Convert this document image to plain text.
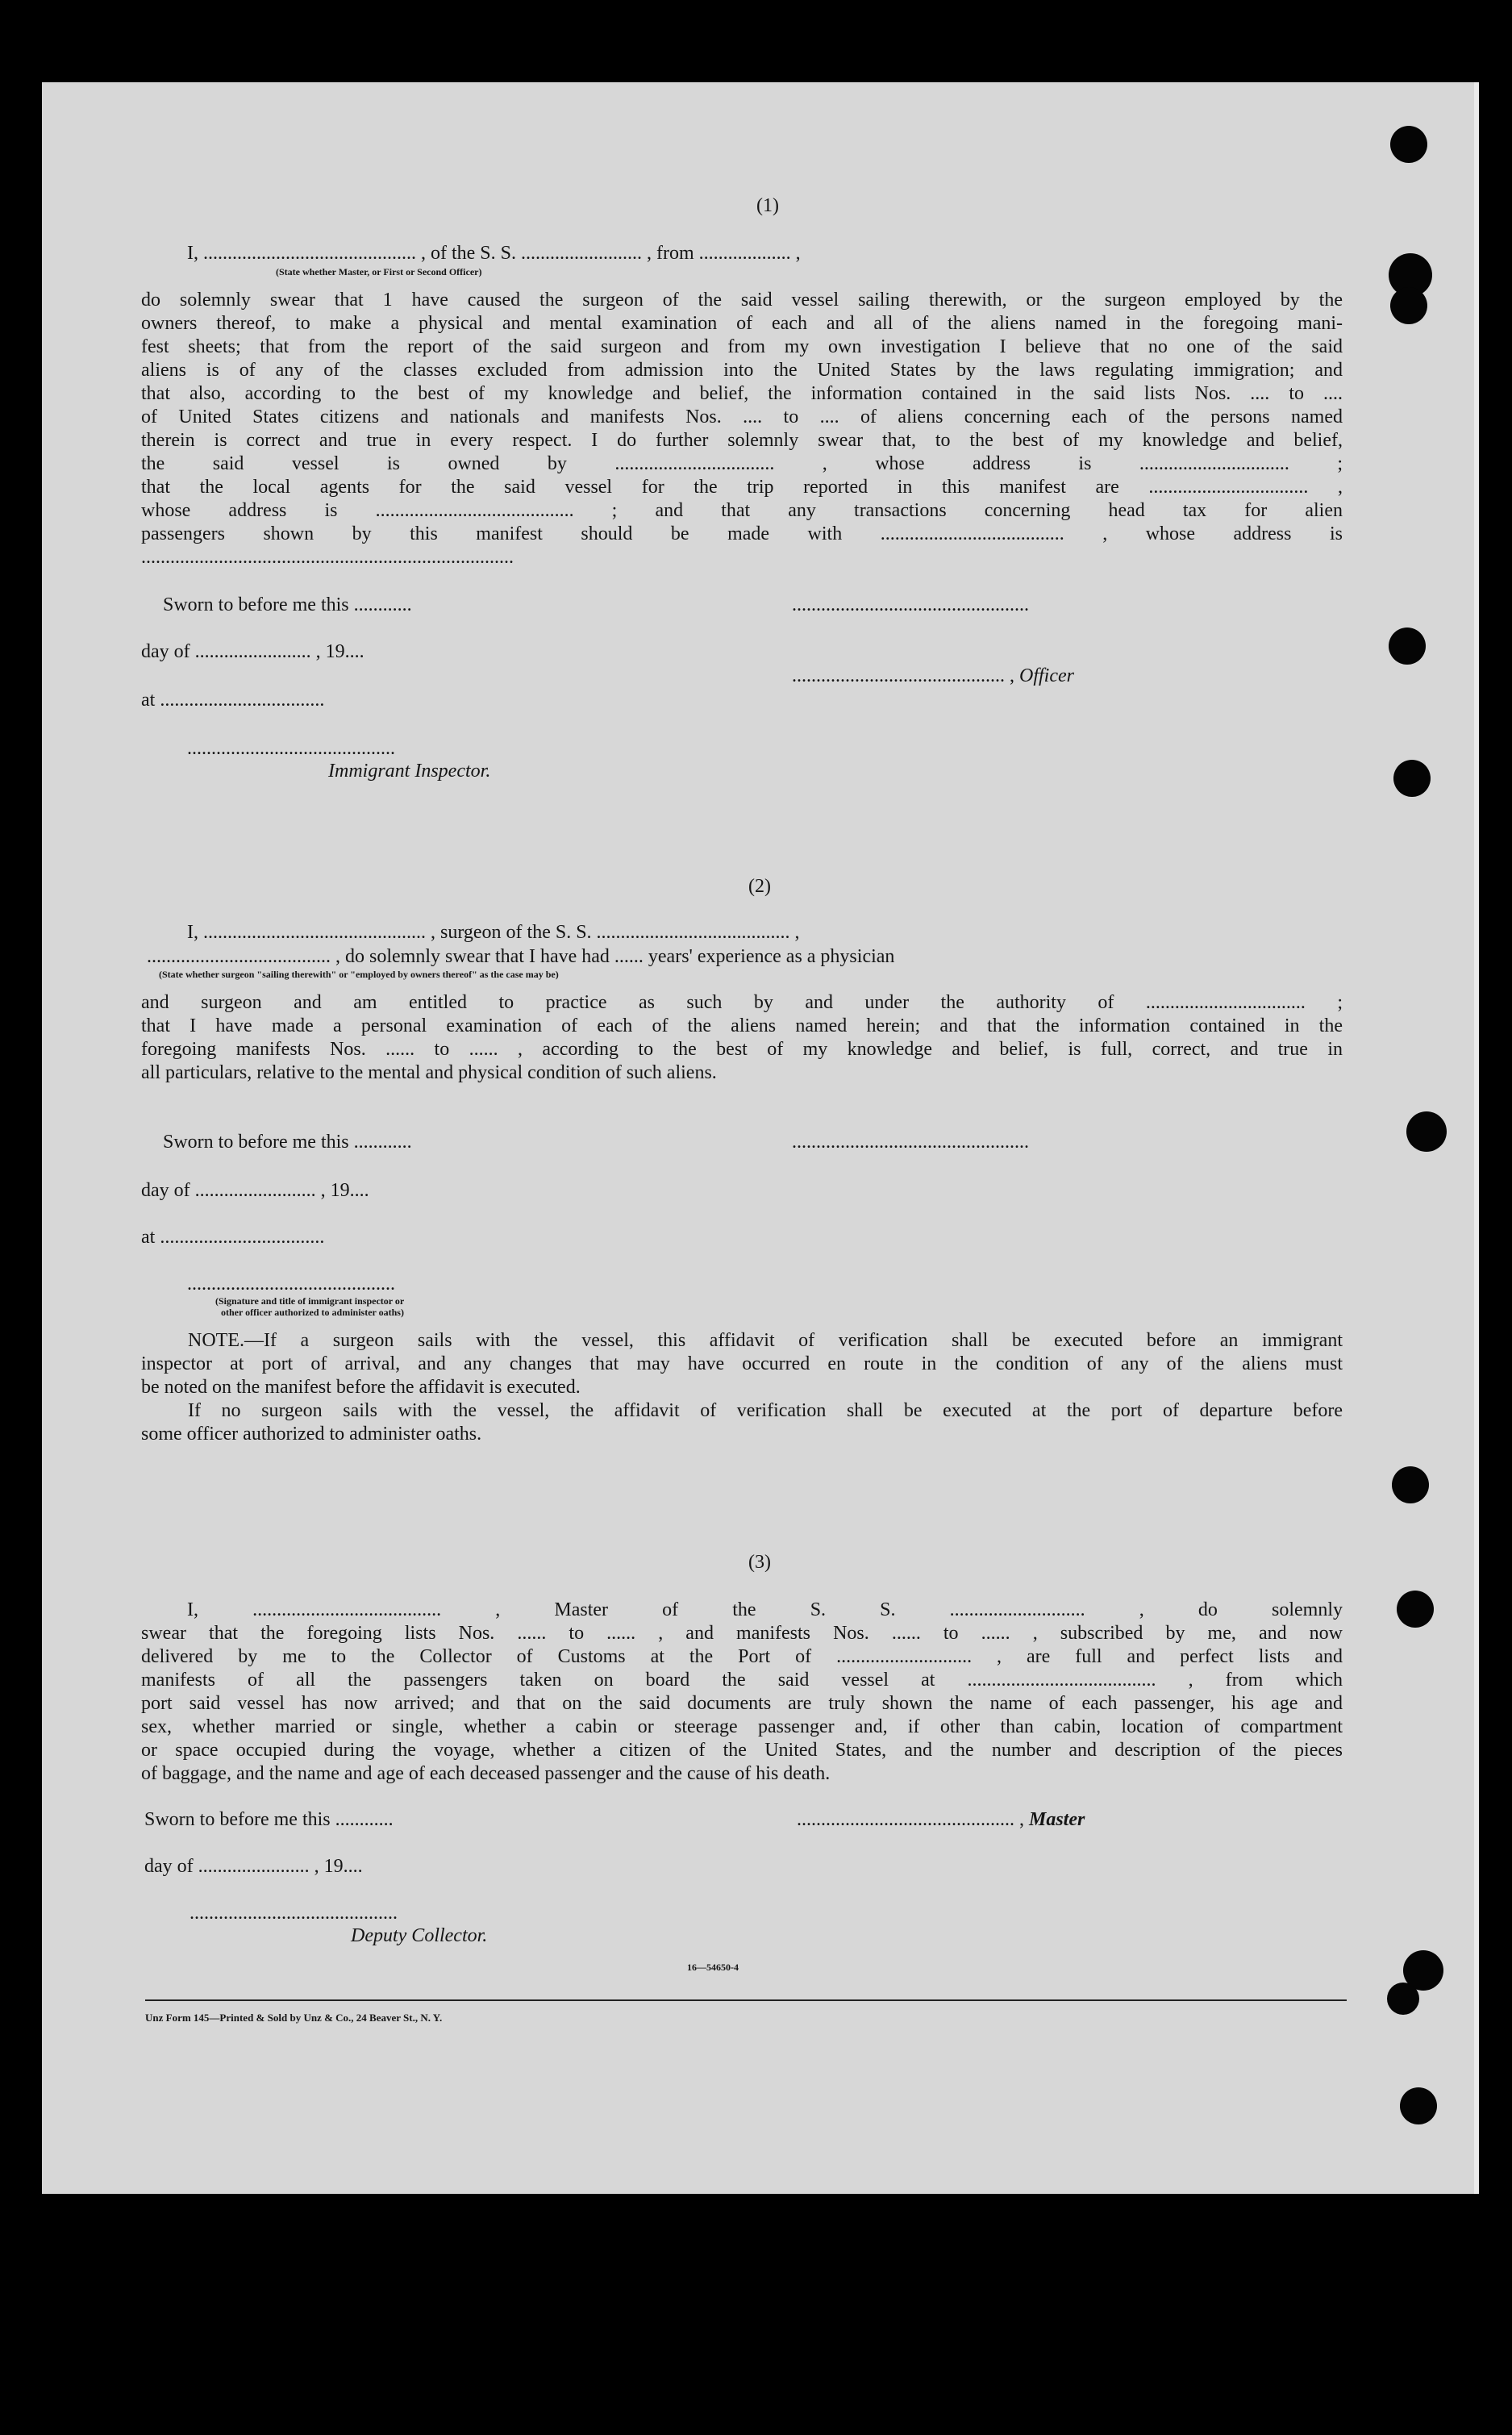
(1)
I, ............................................ , of the S. S. ......................... , from ................... ,
(State whether Master, or First or Second Officer)
do solemnly swear that 1 have caused the surgeon of the said vessel sailing therewith, or the surgeon employed by the
owners thereof, to make a physical and mental examination of each and all of the aliens named in the foregoing mani-
fest sheets; that from the report of the said surgeon and from my own investigation I believe that no one of the said
aliens is of any of the classes excluded from admission into the United States by the laws regulating immigration; and
that also, according to the best of my knowledge and belief, the information contained in the said lists Nos. .... to ....
of United States citizens and nationals and manifests Nos. .... to .... of aliens concerning each of the persons named
therein is correct and true in every respect. I do further solemnly swear that, to the best of my knowledge and belief,
the said vessel is owned by ................................. , whose address is ............................... ;
that the local agents for the said vessel for the trip reported in this manifest are ................................. ,
whose address is ......................................... ; and that any transactions concerning head tax for alien
passengers shown by this manifest should be made with ...................................... , whose address is
.............................................................................
Sworn to before me this ............	.................................................
day of ........................ , 19....
............................................ , Officer
at ..................................
...........................................
Immigrant Inspector.
(2)
I, .............................................. , surgeon of the S. S. ........................................ ,
...................................... , do solemnly swear that I have had ...... years' experience as a physician
(State whether surgeon "sailing therewith" or "employed by owners thereof" as the case may be)
and surgeon and am entitled to practice as such by and under the authority of ................................. ;
that I have made a personal examination of each of the aliens named herein; and that the information contained in the
foregoing manifests Nos. ...... to ...... , according to the best of my knowledge and belief, is full, correct, and true in
all particulars, relative to the mental and physical condition of such aliens.
Sworn to before me this ............	.................................................
day of ......................... , 19....
at ..................................
...........................................
(Signature and title of immigrant inspector or
other officer authorized to administer oaths)
NOTE.—If a surgeon sails with the vessel, this affidavit of verification shall be executed before an immigrant
inspector at port of arrival, and any changes that may have occurred en route in the condition of any of the aliens must
be noted on the manifest before the affidavit is executed.
If no surgeon sails with the vessel, the affidavit of verification shall be executed at the port of departure before
some officer authorized to administer oaths.
(3)
I, ....................................... , Master of the S. S. ............................ , do solemnly
swear that the foregoing lists Nos. ...... to ...... , and manifests Nos. ...... to ...... , subscribed by me, and now
delivered by me to the Collector of Customs at the Port of ............................ , are full and perfect lists and
manifests of all the passengers taken on board the said vessel at ....................................... , from which
port said vessel has now arrived; and that on the said documents are truly shown the name of each passenger, his age and
sex, whether married or single, whether a cabin or steerage passenger and, if other than cabin, location of compartment
or space occupied during the voyage, whether a citizen of the United States, and the number and description of the pieces
of baggage, and the name and age of each deceased passenger and the cause of his death.
Sworn to before me this ............	............................................. , Master
day of ....................... , 19....
...........................................
Deputy Collector.
16—54650-4
Unz Form 145—Printed & Sold by Unz & Co., 24 Beaver St., N. Y.
